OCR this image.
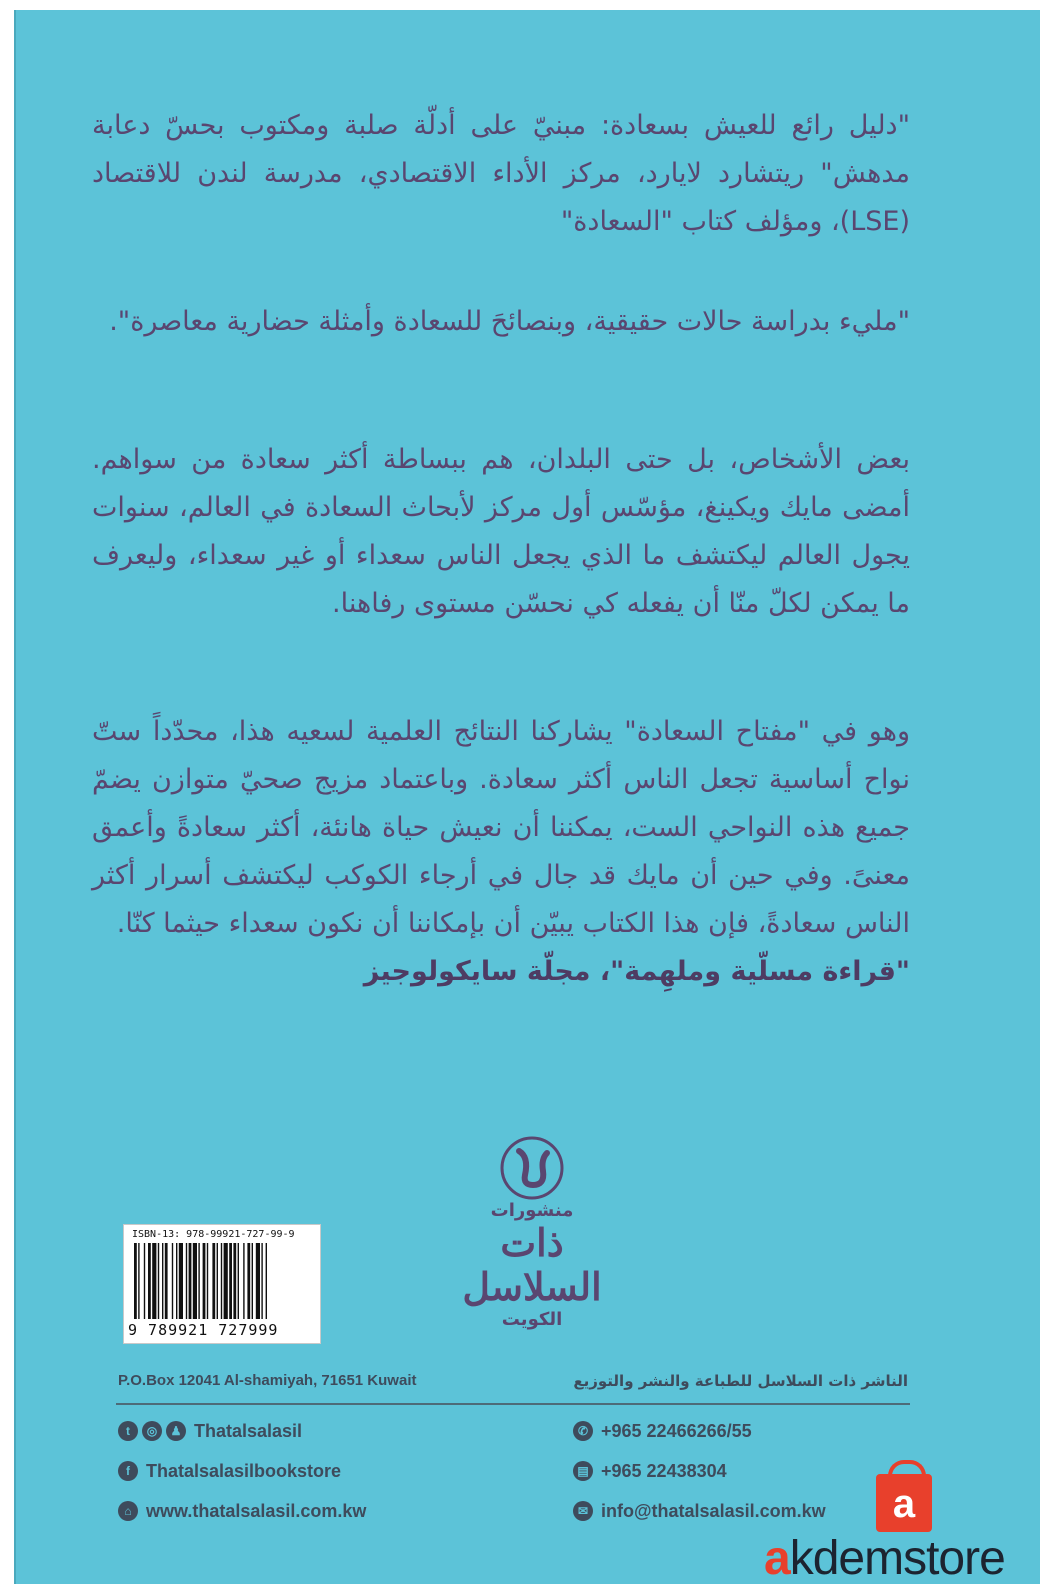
"دليل رائع للعيش بسعادة: مبنيّ على أدلّة صلبة ومكتوب بحسّ دعابة مدهش" ريتشارد لايارد، مركز الأداء الاقتصادي، مدرسة لندن للاقتصاد (LSE)، ومؤلف كتاب "السعادة"

"مليء بدراسة حالات حقيقية، وبنصائحَ للسعادة وأمثلة حضارية معاصرة".

بعض الأشخاص، بل حتى البلدان، هم ببساطة أكثر سعادة من سواهم. أمضى مايك ويكينغ، مؤسّس أول مركز لأبحاث السعادة في العالم، سنوات يجول العالم ليكتشف ما الذي يجعل الناس سعداء أو غير سعداء، وليعرف ما يمكن لكلّ منّا أن يفعله كي نحسّن مستوى رفاهنا.

وهو في "مفتاح السعادة" يشاركنا النتائج العلمية لسعيه هذا، محدّداً ستّ نواح أساسية تجعل الناس أكثر سعادة. وباعتماد مزيج صحيّ متوازن يضمّ جميع هذه النواحي الست، يمكننا أن نعيش حياة هانئة، أكثر سعادةً وأعمق معنىً. وفي حين أن مايك قد جال في أرجاء الكوكب ليكتشف أسرار أكثر الناس سعادةً، فإن هذا الكتاب يبيّن أن بإمكاننا أن نكون سعداء حيثما كنّا.

"قراءة مسلّية وملهِمة"، مجلّة سايكولوجيز

منشورات
ذات السلاسل
الكويت
ISBN-13: 978-99921-727-99-9
9 789921 727999
P.O.Box 12041 Al-shamiyah, 71651 Kuwait	الناشر ذات السلاسل للطباعة والنشر والتوزيع
t	◎	♟ Thatalsalasil
f Thatalsalasilbookstore
⌂ www.thatalsalasil.com.kw
✆ +965 22466266/55
▤ +965 22438304
✉ info@thatalsalasil.com.kw	a
akdemstore
